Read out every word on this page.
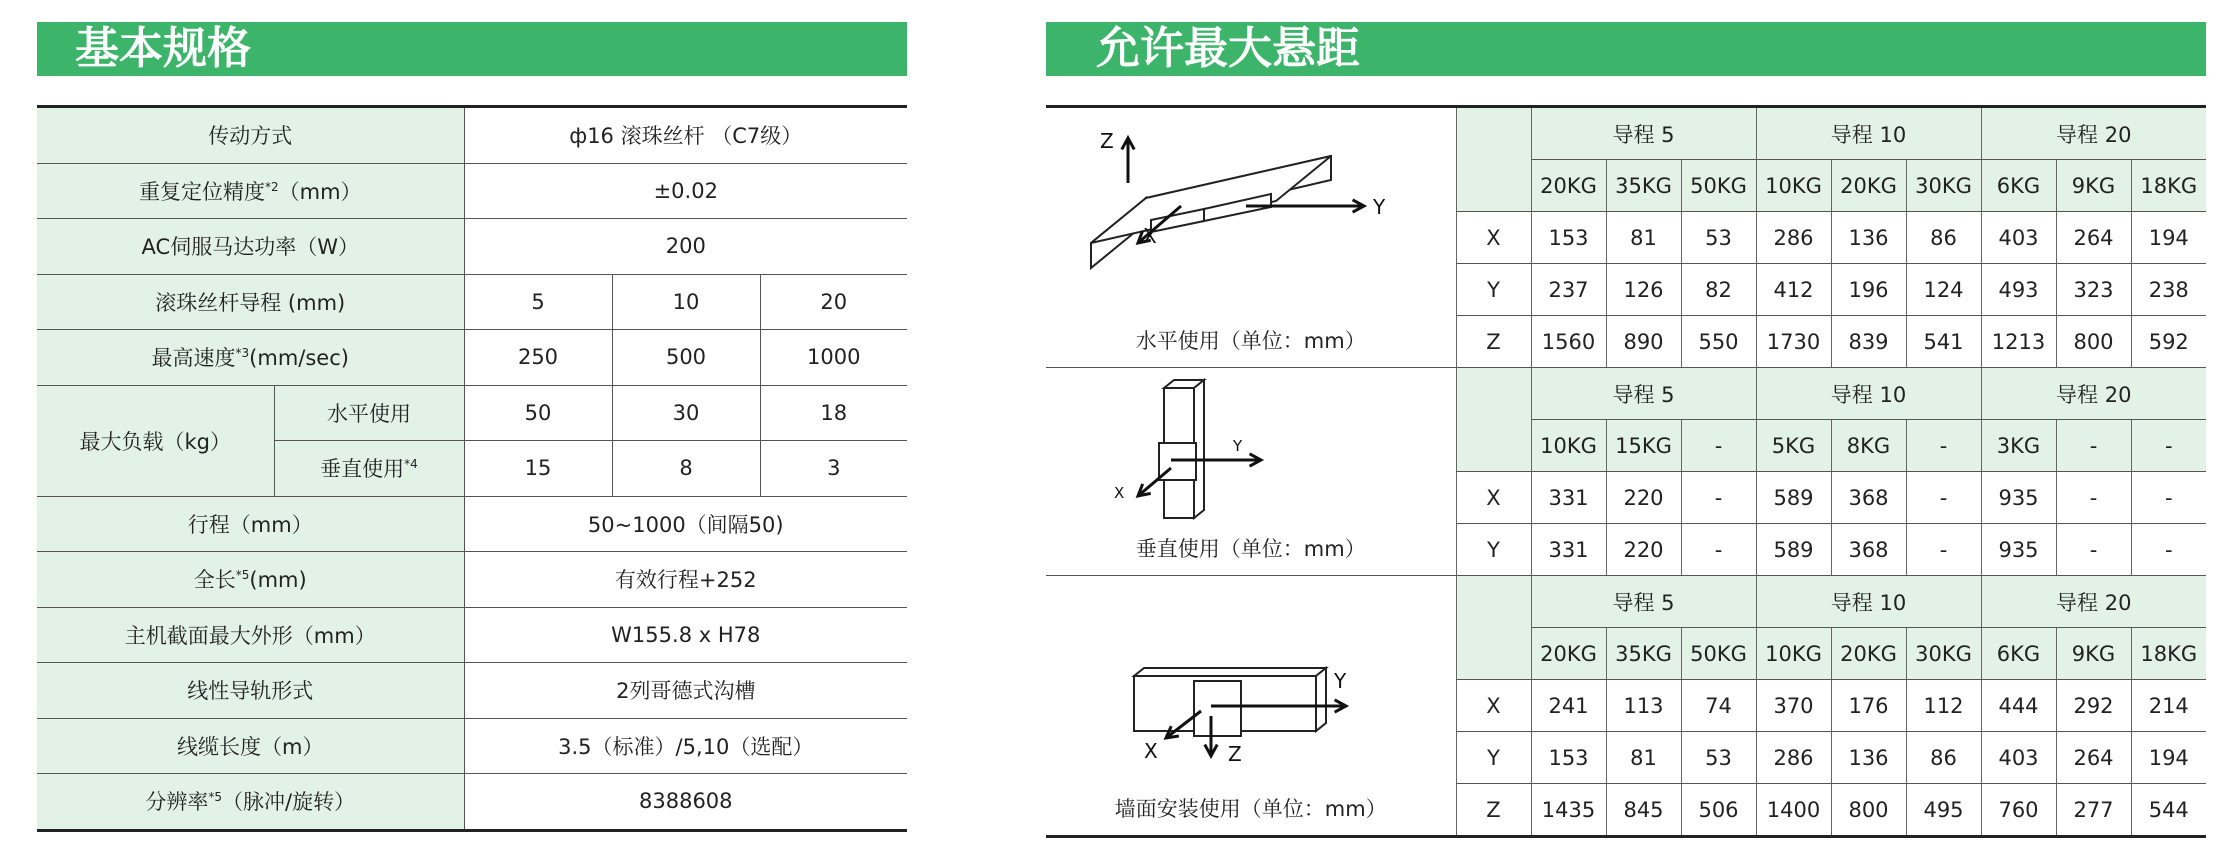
基本规格	允许最大悬距
传动方式		ф16 滚珠丝杆 （C7级）		
重复定位精度$^{*2}$（mm）		±0.02		
AC伺服马达功率（W）		200		
滚珠丝杆导程 (mm)		5	10	20
最高速度$^{*3}$(mm/sec)		250	500	1000
最大负载（kg）	水平使用	50	30	18
	垂直使用$^{*4}$	15	8	3
行程（mm）		50~1000（间隔50)		
全长$^{*5}$(mm)		有效行程+252		
主机截面最大外形（mm）		W155.8 x H78		
线性导轨形式		2列哥德式沟槽		
线缆长度（m）		3.5（标准）/5,10（选配）		
分辨率$^{*5}$（脉冲/旋转）		8388608		
Z
Y
X
水平使用（单位：mm）		导程 5			导程 10			导程 20		
		20KG	35KG	50KG	10KG	20KG	30KG	6KG	9KG	18KG
	X	153	81	53	286	136	86	403	264	194
	Y	237	126	82	412	196	124	493	323	238
	Z	1560	890	550	1730	839	541	1213	800	592

Y
X
垂直使用（单位：mm）		导程 5			导程 10			导程 20		
		10KG	15KG	-	5KG	8KG	-	3KG	-	-
	X	331	220	-	589	368	-	935	-	-
	Y	331	220	-	589	368	-	935	-	-

Y
X Z
墙面安装使用（单位：mm）		导程 5			导程 10			导程 20		
		20KG	35KG	50KG	10KG	20KG	30KG	6KG	9KG	18KG
	X	241	113	74	370	176	112	444	292	214
	Y	153	81	53	286	136	86	403	264	194
	Z	1435	845	506	1400	800	495	760	277	544
